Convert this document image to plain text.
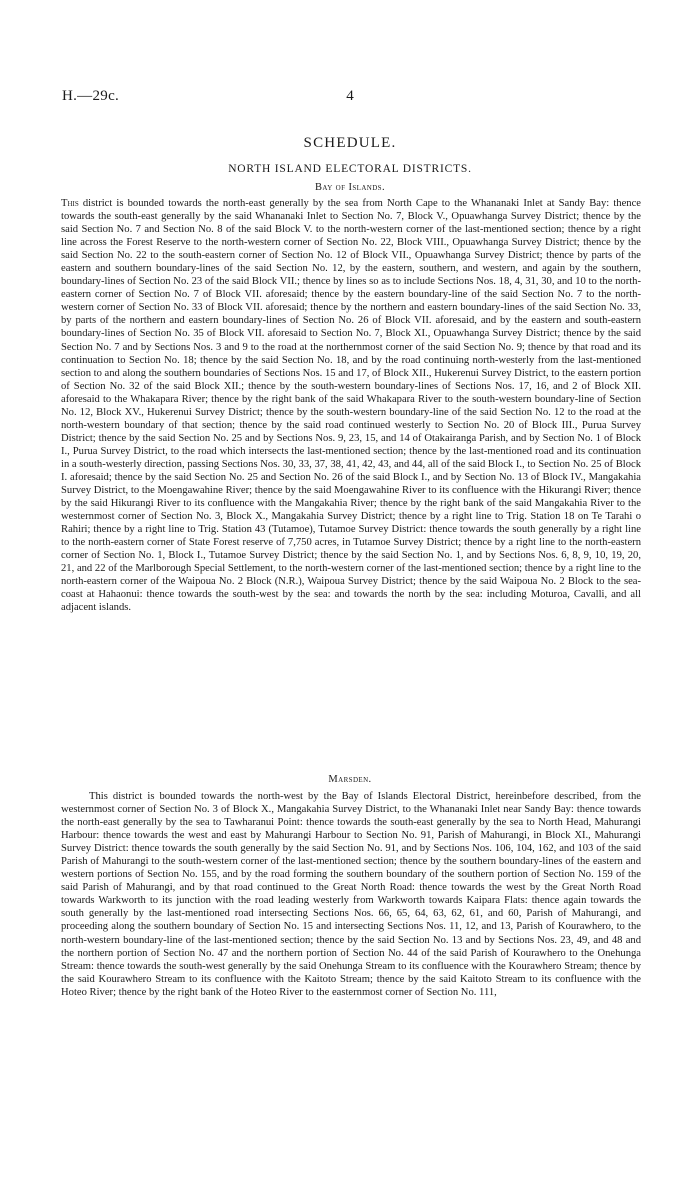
H.—29c.	4
SCHEDULE.
NORTH ISLAND ELECTORAL DISTRICTS.
Bay of Islands.
This district is bounded towards the north-east generally by the sea from North Cape to the Whananaki Inlet at Sandy Bay: thence towards the south-east generally by the said Whananaki Inlet to Section No. 7, Block V., Opuawhanga Survey District; thence by the said Section No. 7 and Section No. 8 of the said Block V. to the north-western corner of the last-mentioned section; thence by a right line across the Forest Reserve to the north-western corner of Section No. 22, Block VIII., Opuawhanga Survey District; thence by the said Section No. 22 to the south-eastern corner of Section No. 12 of Block VII., Opuawhanga Survey District; thence by parts of the eastern and southern boundary-lines of the said Section No. 12, by the eastern, southern, and western, and again by the southern, boundary-lines of Section No. 23 of the said Block VII.; thence by lines so as to include Sections Nos. 18, 4, 31, 30, and 10 to the north-eastern corner of Section No. 7 of Block VII. aforesaid; thence by the eastern boundary-line of the said Section No. 7 to the north-western corner of Section No. 33 of Block VII. aforesaid; thence by the northern and eastern boundary-lines of the said Section No. 33, by parts of the northern and eastern boundary-lines of Section No. 26 of Block VII. aforesaid, and by the eastern and south-eastern boundary-lines of Section No. 35 of Block VII. aforesaid to Section No. 7, Block XI., Opuawhanga Survey District; thence by the said Section No. 7 and by Sections Nos. 3 and 9 to the road at the northernmost corner of the said Section No. 9; thence by that road and its continuation to Section No. 18; thence by the said Section No. 18, and by the road continuing north-westerly from the last-mentioned section to and along the southern boundaries of Sections Nos. 15 and 17, of Block XII., Hukerenui Survey District, to the eastern portion of Section No. 32 of the said Block XII.; thence by the south-western boundary-lines of Sections Nos. 17, 16, and 2 of Block XII. aforesaid to the Whakapara River; thence by the right bank of the said Whakapara River to the south-western boundary-line of Section No. 12, Block XV., Hukerenui Survey District; thence by the south-western boundary-line of the said Section No. 12 to the road at the north-western boundary of that section; thence by the said road continued westerly to Section No. 20 of Block III., Purua Survey District; thence by the said Section No. 25 and by Sections Nos. 9, 23, 15, and 14 of Otakairanga Parish, and by Section No. 1 of Block I., Purua Survey District, to the road which intersects the last-mentioned section; thence by the last-mentioned road and its continuation in a south-westerly direction, passing Sections Nos. 30, 33, 37, 38, 41, 42, 43, and 44, all of the said Block I., to Section No. 25 of Block I. aforesaid; thence by the said Section No. 25 and Section No. 26 of the said Block I., and by Section No. 13 of Block IV., Mangakahia Survey District, to the Moengawahine River; thence by the said Moengawahine River to its confluence with the Hikurangi River; thence by the said Hikurangi River to its confluence with the Mangakahia River; thence by the right bank of the said Mangakahia River to the westernmost corner of Section No. 3, Block X., Mangakahia Survey District; thence by a right line to Trig. Station 18 on Te Tarahi o Rahiri; thence by a right line to Trig. Station 43 (Tutamoe), Tutamoe Survey District: thence towards the south generally by a right line to the north-eastern corner of State Forest reserve of 7,750 acres, in Tutamoe Survey District; thence by a right line to the north-eastern corner of Section No. 1, Block I., Tutamoe Survey District; thence by the said Section No. 1, and by Sections Nos. 6, 8, 9, 10, 19, 20, 21, and 22 of the Marlborough Special Settlement, to the north-western corner of the last-mentioned section; thence by a right line to the north-eastern corner of the Waipoua No. 2 Block (N.R.), Waipoua Survey District; thence by the said Waipoua No. 2 Block to the sea-coast at Hahaonui: thence towards the south-west by the sea: and towards the north by the sea: including Moturoa, Cavalli, and all adjacent islands.
Marsden.
This district is bounded towards the north-west by the Bay of Islands Electoral District, hereinbefore described, from the westernmost corner of Section No. 3 of Block X., Mangakahia Survey District, to the Whananaki Inlet near Sandy Bay: thence towards the north-east generally by the sea to Tawharanui Point: thence towards the south-east generally by the sea to North Head, Mahurangi Harbour: thence towards the west and east by Mahurangi Harbour to Section No. 91, Parish of Mahurangi, in Block XI., Mahurangi Survey District: thence towards the south generally by the said Section No. 91, and by Sections Nos. 106, 104, 162, and 103 of the said Parish of Mahurangi to the south-western corner of the last-mentioned section; thence by the southern boundary-lines of the eastern and western portions of Section No. 155, and by the road forming the southern boundary of the southern portion of Section No. 159 of the said Parish of Mahurangi, and by that road continued to the Great North Road: thence towards the west by the Great North Road towards Warkworth to its junction with the road leading westerly from Warkworth towards Kaipara Flats: thence again towards the south generally by the last-mentioned road intersecting Sections Nos. 66, 65, 64, 63, 62, 61, and 60, Parish of Mahurangi, and proceeding along the southern boundary of Section No. 15 and intersecting Sections Nos. 11, 12, and 13, Parish of Kourawhero, to the north-western boundary-line of the last-mentioned section; thence by the said Section No. 13 and by Sections Nos. 23, 49, and 48 and the northern portion of Section No. 47 and the northern portion of Section No. 44 of the said Parish of Kourawhero to the Onehunga Stream: thence towards the south-west generally by the said Onehunga Stream to its confluence with the Kourawhero Stream; thence by the said Kourawhero Stream to its confluence with the Kaitoto Stream; thence by the said Kaitoto Stream to its confluence with the Hoteo River; thence by the right bank of the Hoteo River to the easternmost corner of Section No. 111,
